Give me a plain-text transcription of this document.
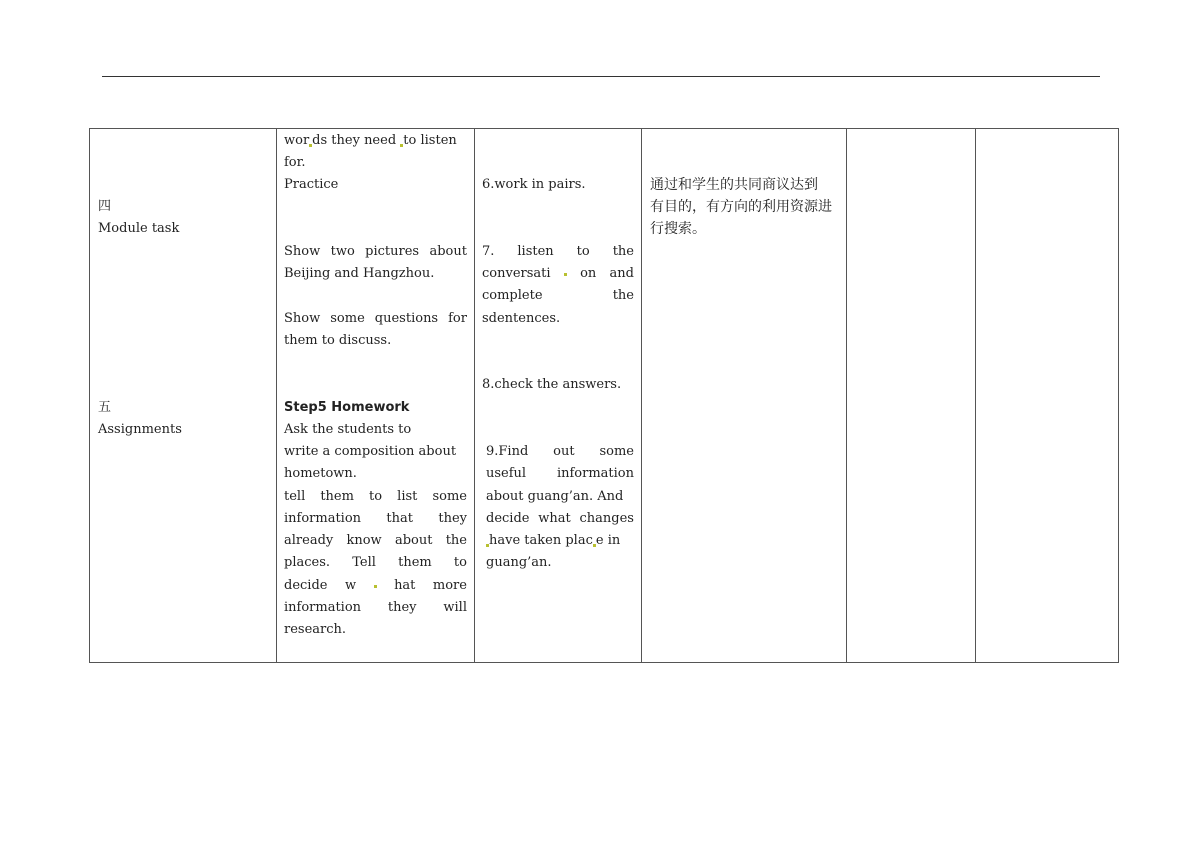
四
Module task
五
Assignments

wor ds they need to listen
for.
Practice
Show two pictures about
Beijing and Hangzhou.
Show some questions for
them to discuss.
Step5 Homework
Ask the students to
write a composition about
hometown.
tell them to list some
information that they
already know about the
places. Tell them to
decide w	hat more
information they will
research.

6.work in pairs.
7. listen to the
conversati on and
complete	the
sdentences.
8.check the answers.
9.Find out some
useful information
about guang’an. And
decide what changes
have taken plac e in
guang’an.

通过和学生的共同商议达到
有目的，有方向的利用资源进
行搜索。
